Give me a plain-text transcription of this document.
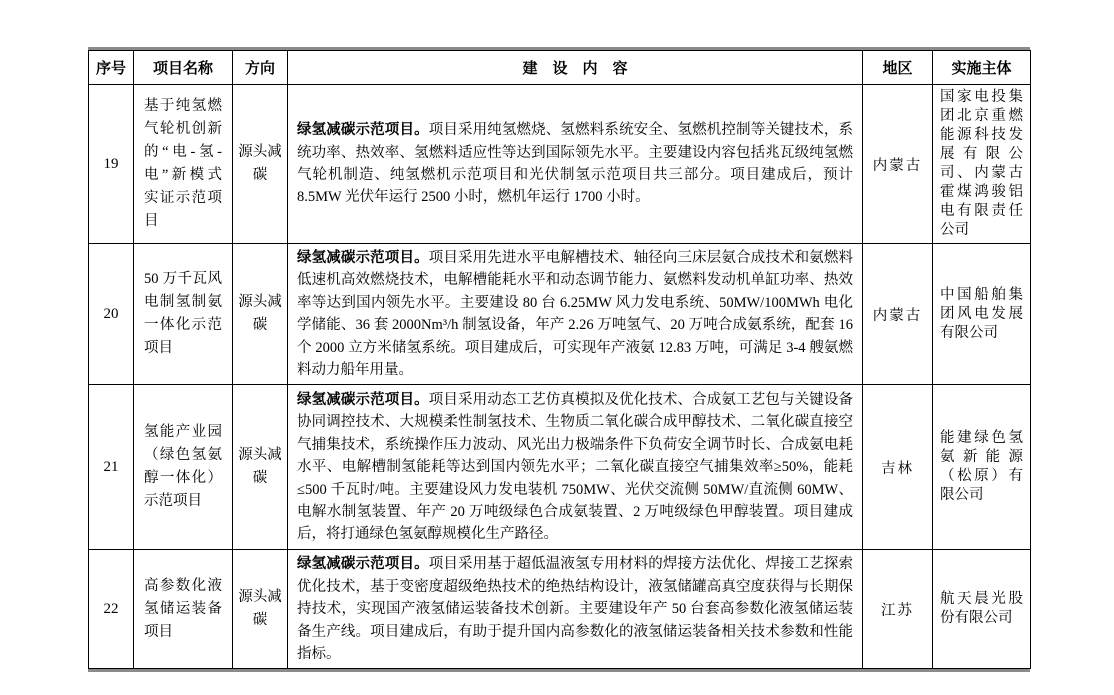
序号	项目名称	方向	建　设　内　容	地区	实施主体
19	基于纯氢燃气轮机创新的“电-氢-电”新模式实证示范项目	源头减碳	绿氢减碳示范项目。项目采用纯氢燃烧、氢燃料系统安全、氢燃机控制等关键技术，系统功率、热效率、氢燃料适应性等达到国际领先水平。主要建设内容包括兆瓦级纯氢燃气轮机制造、纯氢燃机示范项目和光伏制氢示范项目共三部分。项目建成后，预计 8.5MW 光伏年运行 2500 小时，燃机年运行 1700 小时。	内蒙古	国家电投集团北京重燃能源科技发展有限公司、内蒙古霍煤鸿骏铝电有限责任公司
20	50 万千瓦风电制氢制氨一体化示范项目	源头减碳	绿氢减碳示范项目。项目采用先进水平电解槽技术、轴径向三床层氨合成技术和氨燃料低速机高效燃烧技术，电解槽能耗水平和动态调节能力、氨燃料发动机单缸功率、热效率等达到国内领先水平。主要建设 80 台 6.25MW 风力发电系统、50MW/100MWh 电化学储能、36 套 2000Nm³/h 制氢设备，年产 2.26 万吨氢气、20 万吨合成氨系统，配套 16 个 2000 立方米储氢系统。项目建成后，可实现年产液氨 12.83 万吨，可满足 3-4 艘氨燃料动力船年用量。	内蒙古	中国船舶集团风电发展有限公司
21	氢能产业园（绿色氢氨醇一体化）示范项目	源头减碳	绿氢减碳示范项目。项目采用动态工艺仿真模拟及优化技术、合成氨工艺包与关键设备协同调控技术、大规模柔性制氢技术、生物质二氧化碳合成甲醇技术、二氧化碳直接空气捕集技术，系统操作压力波动、风光出力极端条件下负荷安全调节时长、合成氨电耗水平、电解槽制氢能耗等达到国内领先水平；二氧化碳直接空气捕集效率≥50%，能耗≤500 千瓦时/吨。主要建设风力发电装机 750MW、光伏交流侧 50MW/直流侧 60MW、电解水制氢装置、年产 20 万吨级绿色合成氨装置、2 万吨级绿色甲醇装置。项目建成后，将打通绿色氢氨醇规模化生产路径。	吉林	能建绿色氢氨新能源（松原）有限公司
22	高参数化液氢储运装备项目	源头减碳	绿氢减碳示范项目。项目采用基于超低温液氢专用材料的焊接方法优化、焊接工艺探索优化技术，基于变密度超级绝热技术的绝热结构设计，液氢储罐高真空度获得与长期保持技术，实现国产液氢储运装备技术创新。主要建设年产 50 台套高参数化液氢储运装备生产线。项目建成后，有助于提升国内高参数化的液氢储运装备相关技术参数和性能指标。	江苏	航天晨光股份有限公司
